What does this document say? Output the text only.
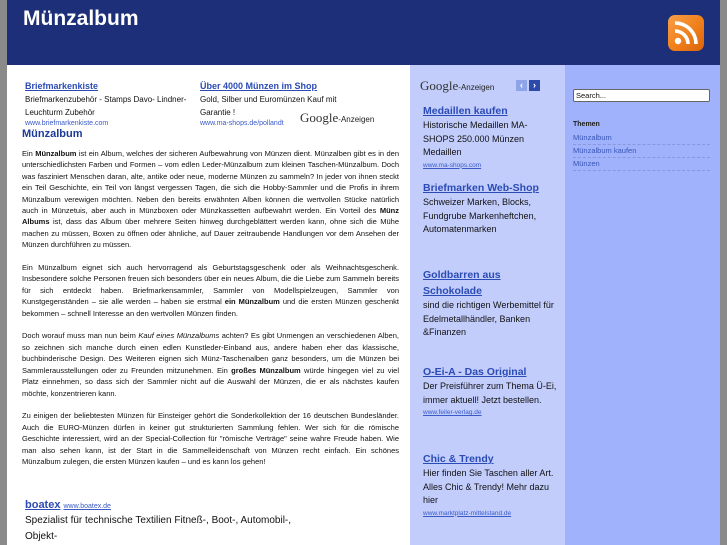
Münzalbum
Briefmarkenkiste
Briefmarkenzubehör - Stamps Davo- Lindner- Leuchturm Zubehör
www.briefmarkenkiste.com
Über 4000 Münzen im Shop
Gold, Silber und Euromünzen Kauf mit Garantie !
www.ma-shops.de/pollandt	Google-Anzeigen
Münzalbum

Ein Münzalbum ist ein Album, welches der sicheren Aufbewahrung von Münzen dient. Münzalben gibt es in den unterschiedlichsten Farben und Formen – vom edlen Leder-Münzalbum zum kleinen Taschen-Münzalbum. Doch was fasziniert Menschen daran, alte, antike oder neue, moderne Münzen zu sammeln? In jeder von ihnen steckt ein Teil Geschichte, ein Teil von längst vergessen Tagen, die sich die Hobby-Sammler und die Profis in ihrem Münzalbum verewigen möchten. Neben den bereits erwähnten Alben können die wertvollen Stücke natürlich auch in Münzetuis, aber auch in Münzboxen oder Münzkassetten aufbewahrt werden. Ein Vorteil des Münz Albums ist, dass das Album über mehrere Seiten hinweg durchgeblättert werden kann, ohne sich die Mühe machen zu müssen, Boxen zu öffnen oder ähnliche, auf Dauer zeitraubende Handlungen vor dem Ansehen der Münzen durchführen zu müssen.

Ein Münzalbum eignet sich auch hervorragend als Geburtstagsgeschenk oder als Weihnachtsgeschenk. Insbesondere solche Personen freuen sich besonders über ein neues Album, die die Liebe zum Sammeln bereits für sich entdeckt haben. Briefmarkensammler, Sammler von Modellspielzeugen, Sammler von Kunstgegenständen – sie alle werden – haben sie erstmal ein Münzalbum und die ersten Münzen geschenkt bekommen – schnell Interesse an den wertvollen Münzen finden.

Doch worauf muss man nun beim Kauf eines Münzalbums achten? Es gibt Unmengen an verschiedenen Alben, so zeichnen sich manche durch einen edlen Kunstleder-Einband aus, andere haben eher das klassische, buchbinderische Design. Des Weiteren eignen sich Münz-Taschenalben ganz besonders, um die Münzen bei Sammlerausstellungen oder zu Freunden mitzunehmen. Ein großes Münzalbum würde hingegen viel zu viel Platz einnehmen, so dass sich der Sammler nicht auf die Auswahl der Münzen, die er als nächstes kaufen möchte, konzentrieren kann.

Zu einigen der beliebtesten Münzen für Einsteiger gehört die Sonderkollektion der 16 deutschen Bundesländer. Auch die EURO-Münzen dürfen in keiner gut strukturierten Sammlung fehlen. Wer sich für die römische Geschichte interessiert, wird an der Special-Collection für "römische Verträge" seine wahre Freude haben. Wie man also sehen kann, ist der Start in die Sammelleidenschaft von Münzen recht einfach. Ein schönes Münzalbum zulegen, die ersten Münzen kaufen – und es kann los gehen!

boatex www.boatex.de
Spezialist für technische Textilien Fitneß-, Boot-, Automobil-, Objekt-
Google-Anzeigen	‹	›
Medaillen kaufen
Historische Medaillen MA-SHOPS 250.000 Münzen Medaillen
www.ma-shops.com
Briefmarken Web-Shop
Schweizer Marken, Blocks, Fundgrube Markenheftchen, Automatenmarken
Goldbarren aus Schokolade
sind die richtigen Werbemittel für Edelmetallhändler, Banken &Finanzen
O-Ei-A - Das Original
Der Preisführer zum Thema Ü-Ei, immer aktuell! Jetzt bestellen.
www.feiler-verlag.de
Chic & Trendy
Hier finden Sie Taschen aller Art. Alles Chic & Trendy! Mehr dazu hier
www.marktplatz-mittelstand.de
Search...
Themen
Münzalbum
Münzalbum kaufen
Münzen
